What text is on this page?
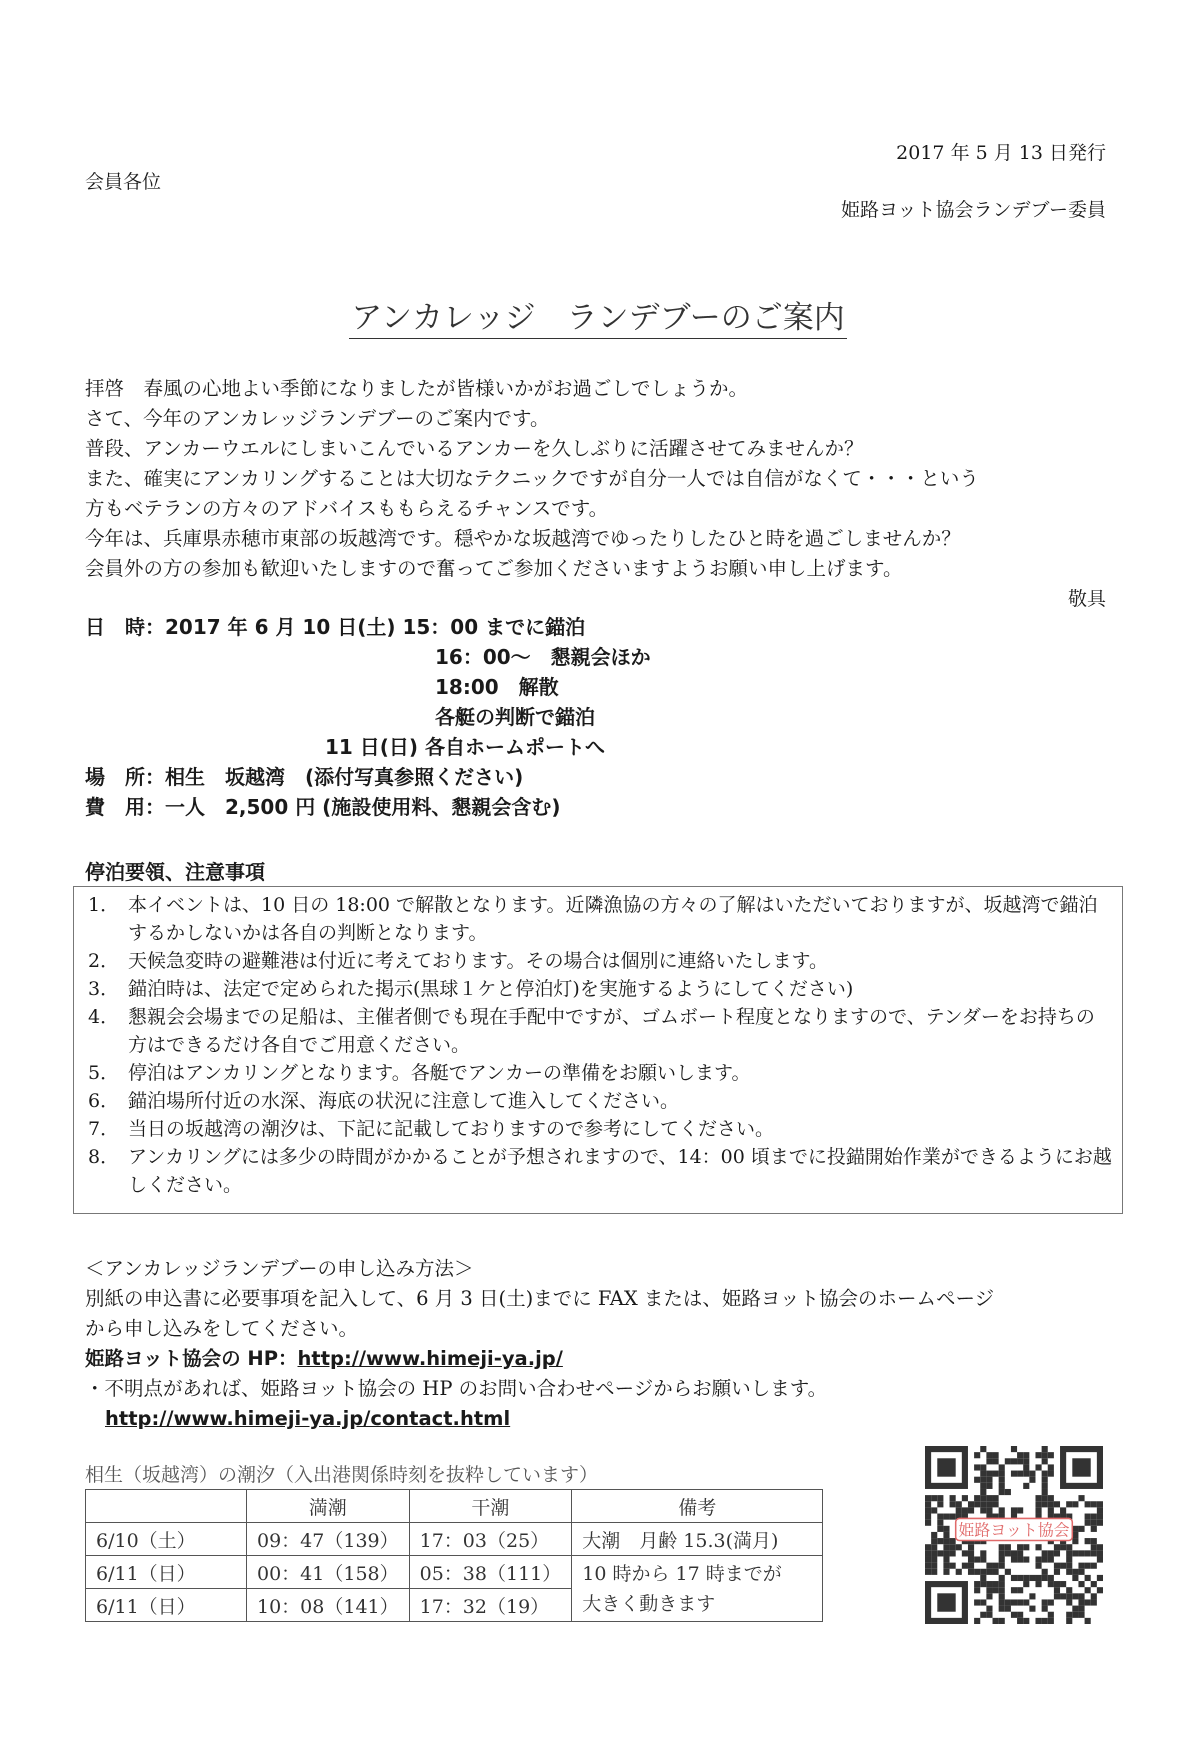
2017 年 5 月 13 日発行
会員各位
姫路ヨット協会ランデブー委員
アンカレッジ　ランデブーのご案内
拝啓　春風の心地よい季節になりましたが皆様いかがお過ごしでしょうか。
さて、今年のアンカレッジランデブーのご案内です。
普段、アンカーウエルにしまいこんでいるアンカーを久しぶりに活躍させてみませんか？
また、確実にアンカリングすることは大切なテクニックですが自分一人では自信がなくて・・・という
方もベテランの方々のアドバイスももらえるチャンスです。
今年は、兵庫県赤穂市東部の坂越湾です。穏やかな坂越湾でゆったりしたひと時を過ごしませんか？
会員外の方の参加も歓迎いたしますので奮ってご参加くださいますようお願い申し上げます。
敬具
日　時：2017 年 6 月 10 日(土) 15：00 までに錨泊
16：00～　懇親会ほか
18:00　解散
各艇の判断で錨泊
11 日(日) 各自ホームポートへ
場　所：相生　坂越湾　(添付写真参照ください)
費　用：一人　2,500 円 (施設使用料、懇親会含む)
停泊要領、注意事項
1． 本イベントは、10 日の 18:00 で解散となります。近隣漁協の方々の了解はいただいておりますが、坂越湾で錨泊するかしないかは各自の判断となります。
2． 天候急変時の避難港は付近に考えております。その場合は個別に連絡いたします。
3． 錨泊時は、法定で定められた掲示(黒球１ケと停泊灯)を実施するようにしてください)
4． 懇親会会場までの足船は、主催者側でも現在手配中ですが、ゴムボート程度となりますので、テンダーをお持ちの方はできるだけ各自でご用意ください。
5． 停泊はアンカリングとなります。各艇でアンカーの準備をお願いします。
6． 錨泊場所付近の水深、海底の状況に注意して進入してください。
7． 当日の坂越湾の潮汐は、下記に記載しておりますので参考にしてください。
8． アンカリングには多少の時間がかかることが予想されますので、14：00 頃までに投錨開始作業ができるようにお越しください。
＜アンカレッジランデブーの申し込み方法＞
別紙の申込書に必要事項を記入して、6 月 3 日(土)までに FAX または、姫路ヨット協会のホームページ
から申し込みをしてください。
姫路ヨット協会の HP：http://www.himeji-ya.jp/
・不明点があれば、姫路ヨット協会の HP のお問い合わせページからお願いします。
http://www.himeji-ya.jp/contact.html
相生（坂越湾）の潮汐（入出港関係時刻を抜粋しています）
	満潮	干潮	備考
6/10（土）	09：47（139）	17：03（25）	大潮　月齢 15.3(満月)
6/11（日）	00：41（158）	05：38（111）	10 時から 17 時までが
大きく動きます

6/11（日）	10：08（141）	17：32（19）	
姫路ヨット協会
